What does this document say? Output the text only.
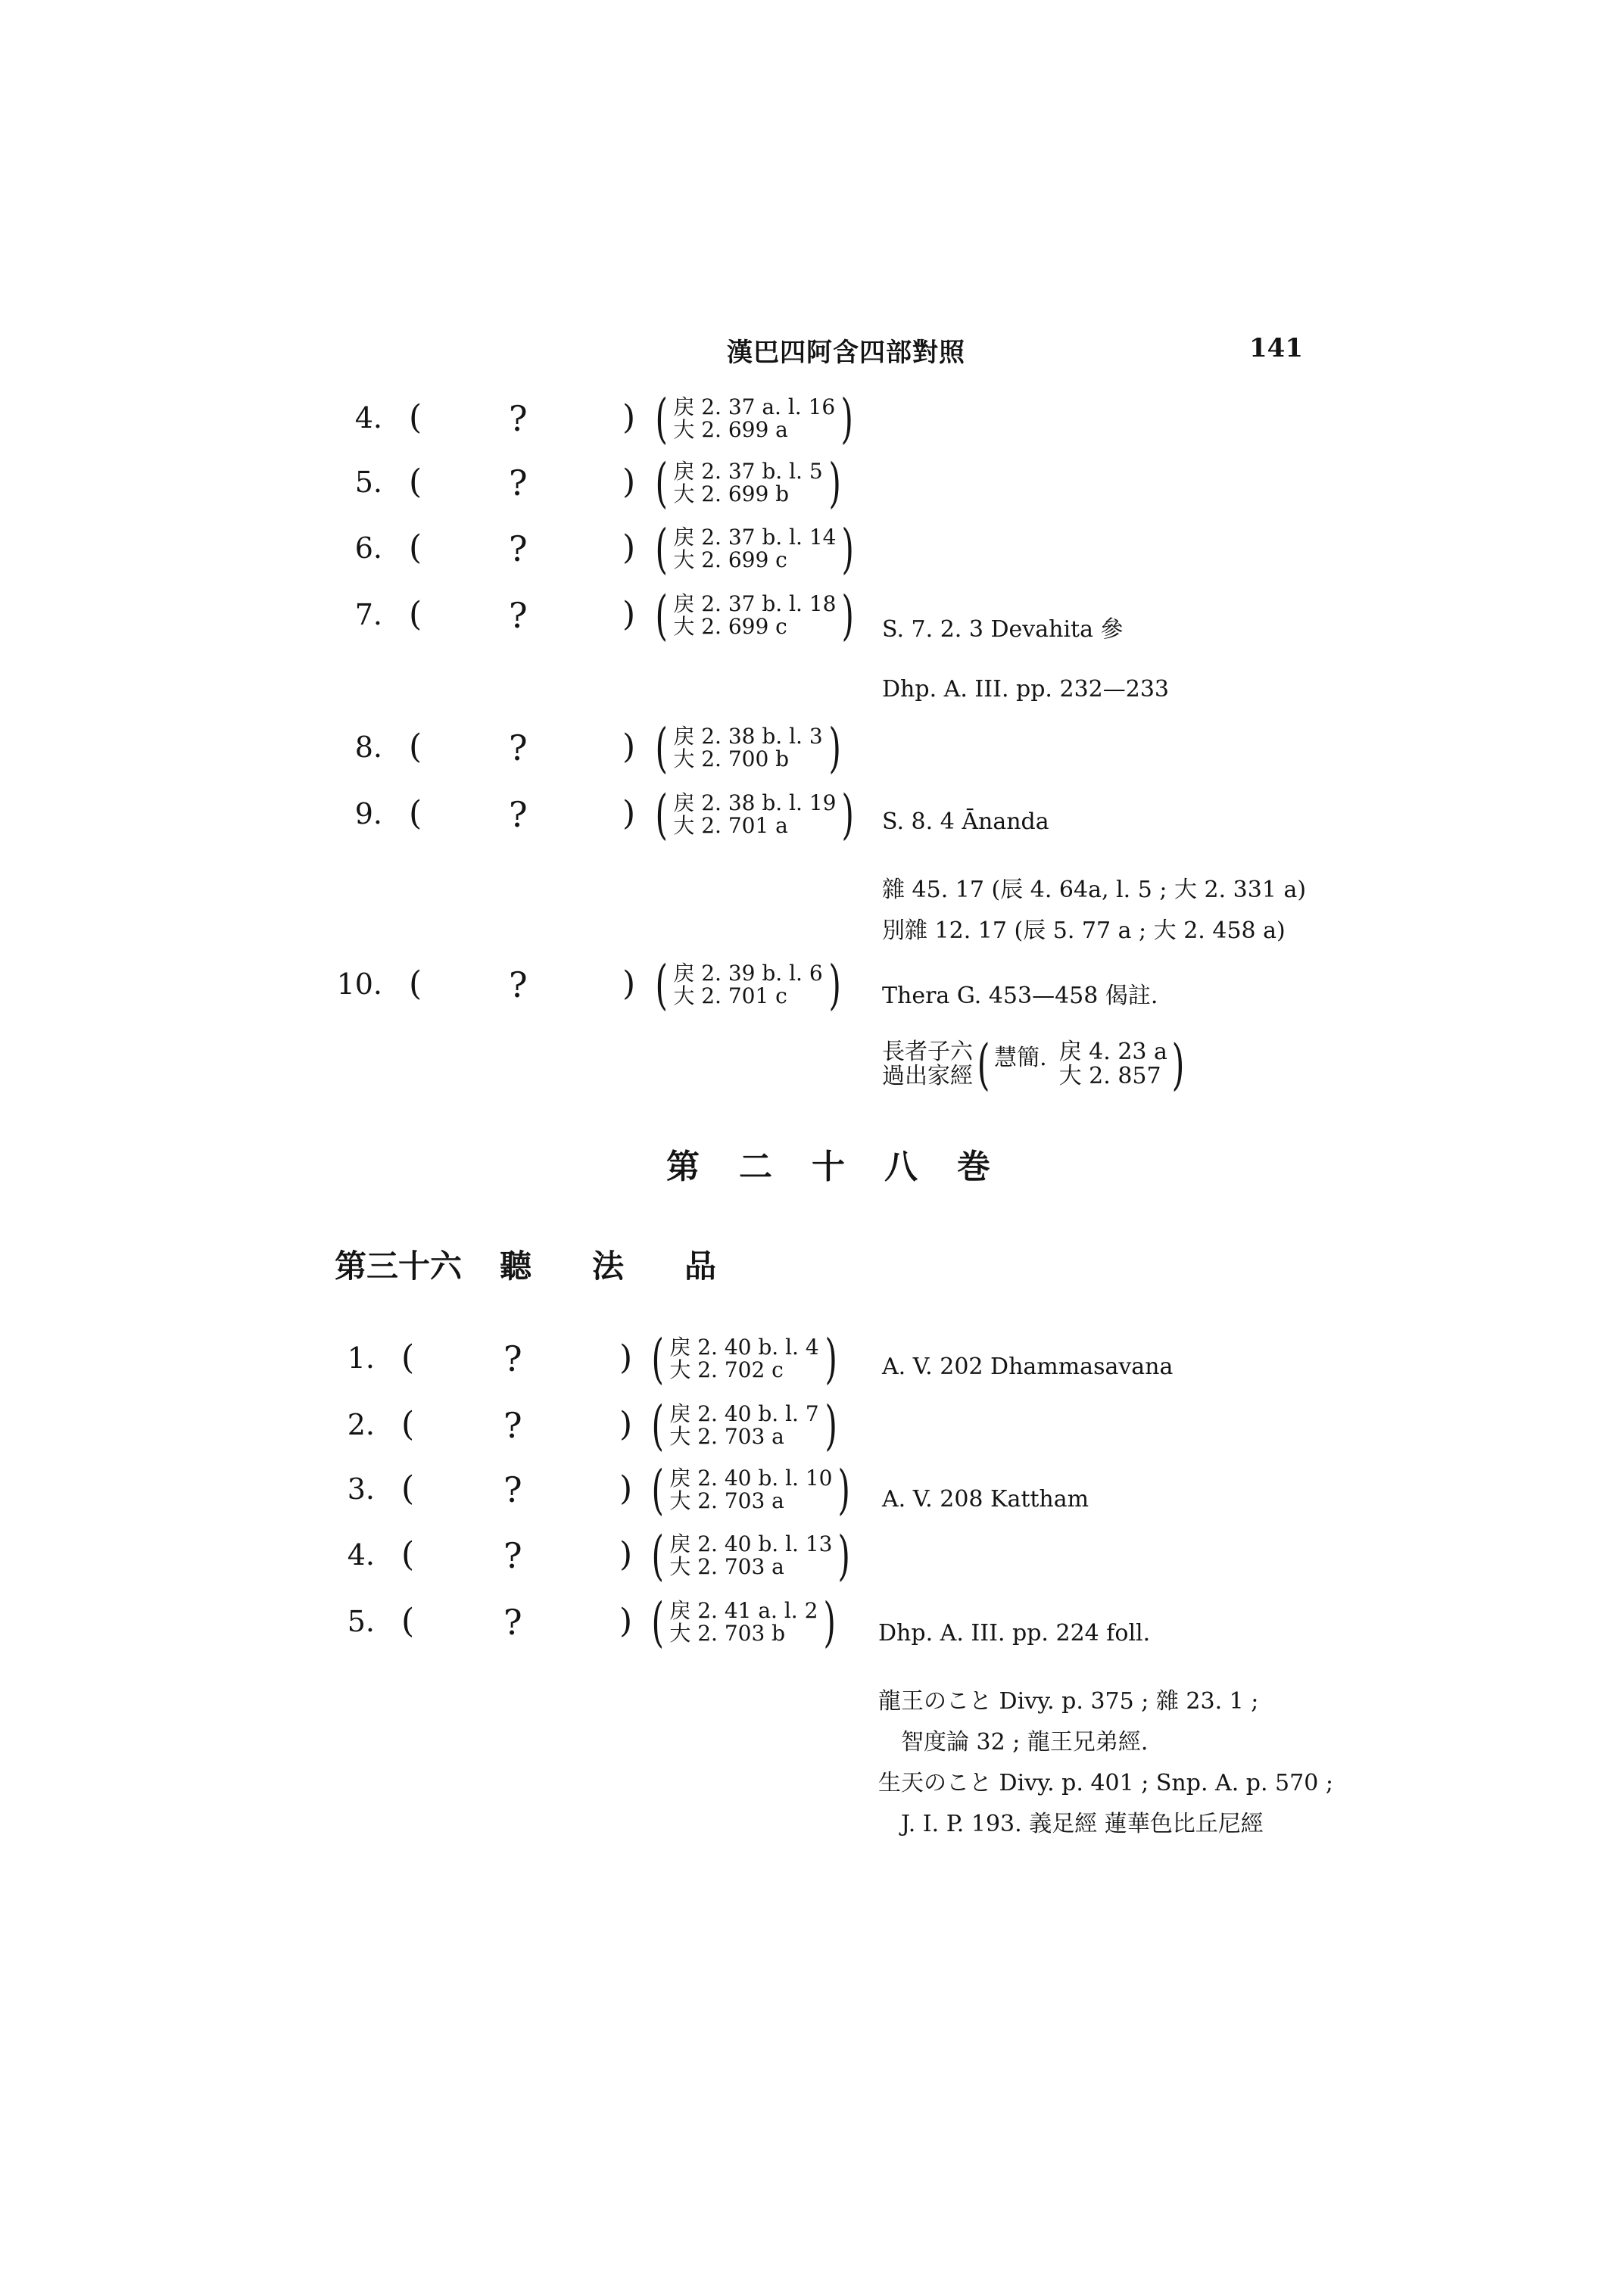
漢巴四阿含四部對照	141
4. ( ?	) ( 戻 2. 37 a. l. 16
大 2. 699 a )
5. ( ?	) ( 戻 2. 37 b. l. 5
大 2. 699 b )
6. ( ?	) ( 戻 2. 37 b. l. 14
大 2. 699 c	)
7. ( ?	) ( 戻 2. 37 b. l. 18
大 2. 699 c	) S. 7. 2. 3 Devahita 參
Dhp. A. III. pp. 232—233
8. ( ?	) ( 戻 2. 38 b. l. 3
大 2. 700 b )
9. ( ?	) ( 戻 2. 38 b. l. 19
大 2. 701 a	) S. 8. 4 Ānanda
雜 45. 17 (辰 4. 64a, l. 5 ; 大 2. 331 a)
別雜 12. 17 (辰 5. 77 a ; 大 2. 458 a)
10. ( ?	) ( 戻 2. 39 b. l. 6
大 2. 701 c ) Thera G. 453—458 偈註.
長者子六
過出家經 ( 慧簡. 戻 4. 23 a
大 2. 857 )
第二十八巻
第三十六 聽法品
1. (	?	) ( 戻 2. 40 b. l. 4
大 2. 702 c ) A. V. 202 Dhammasavana
2. (	?	) ( 戻 2. 40 b. l. 7
大 2. 703 a )
3. (	?	) ( 戻 2. 40 b. l. 10
大 2. 703 a	) A. V. 208 Kattham
4. (	?	) ( 戻 2. 40 b. l. 13
大 2. 703 a	)
5. (	?	) ( 戻 2. 41 a. l. 2
大 2. 703 b ) Dhp. A. III. pp. 224 foll.
龍王のこと Divy. p. 375 ; 雜 23. 1 ;
智度論 32 ; 龍王兄弟經.
生天のこと Divy. p. 401 ; Snp. A. p. 570 ;
J. I. P. 193. 義足經 蓮華色比丘尼經
